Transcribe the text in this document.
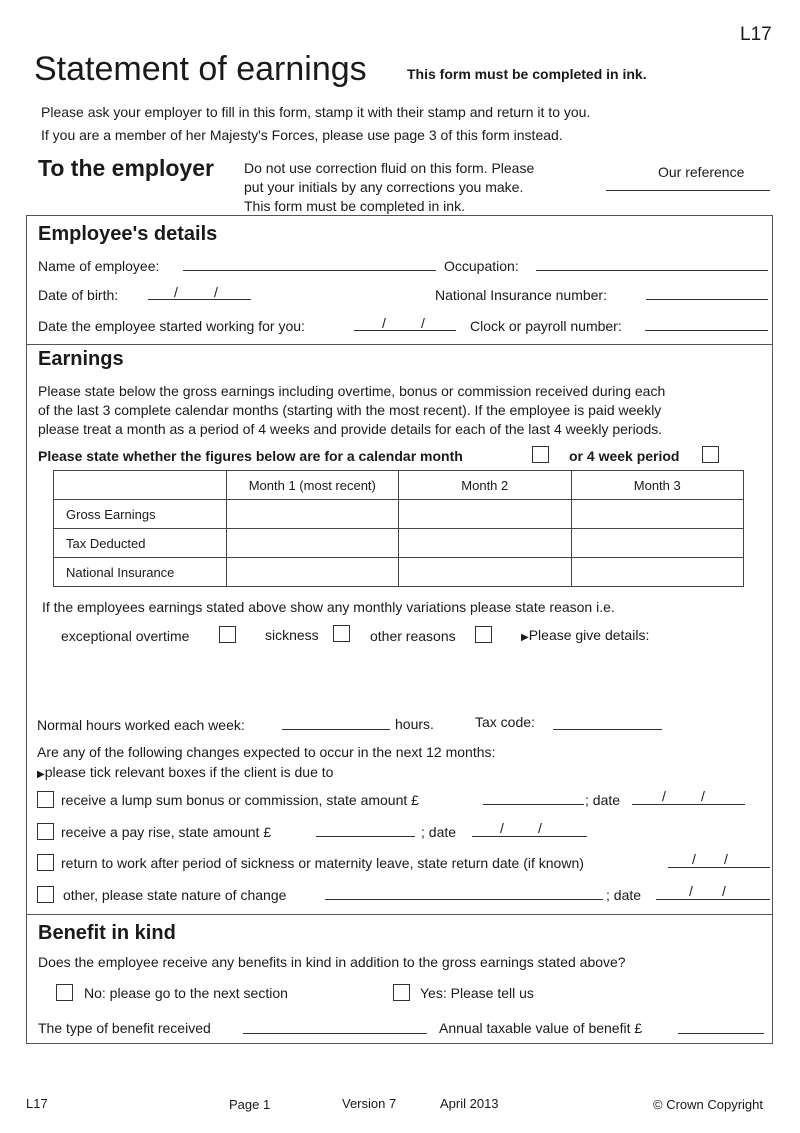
L17
Statement of earnings	This form must be completed in ink.
Please ask your employer to fill in this form, stamp it with their stamp and return it to you.
If you are a member of her Majesty's Forces, please use page 3 of this form instead.
To the employer Do not use correction fluid on this form. Please
put your initials by any corrections you make.
This form must be completed in ink.
Our reference
Employee's details
Name of employee:	Occupation:
Date of birth:	/	/	National Insurance number:
Date the employee started working for you:	/	/	Clock or payroll number:
Earnings
Please state below the gross earnings including overtime, bonus or commission received during each
of the last 3 complete calendar months (starting with the most recent). If the employee is paid weekly
please treat a month as a period of 4 weeks and provide details for each of the last 4 weekly periods.
Please state whether the figures below are for a calendar month	or 4 week period
	Month 1 (most recent)	Month 2	Month 3
Gross Earnings			
Tax Deducted			
National Insurance			
If the employees earnings stated above show any monthly variations please state reason i.e.
exceptional overtime	sickness	other reasons	▶Please give details:
Normal hours worked each week:	hours.	Tax code:
Are any of the following changes expected to occur in the next 12 months:
▶please tick relevant boxes if the client is due to
receive a lump sum bonus or commission, state amount £	; date	/	/
receive a pay rise, state amount £	; date	/ /
return to work after period of sickness or maternity leave, state return date (if known)	/ /
other, please state nature of change	; date	/ /
Benefit in kind
Does the employee receive any benefits in kind in addition to the gross earnings stated above?
No: please go to the next section	Yes: Please tell us
The type of benefit received	Annual taxable value of benefit £
L17	Page 1	Version 7	April 2013	© Crown Copyright
